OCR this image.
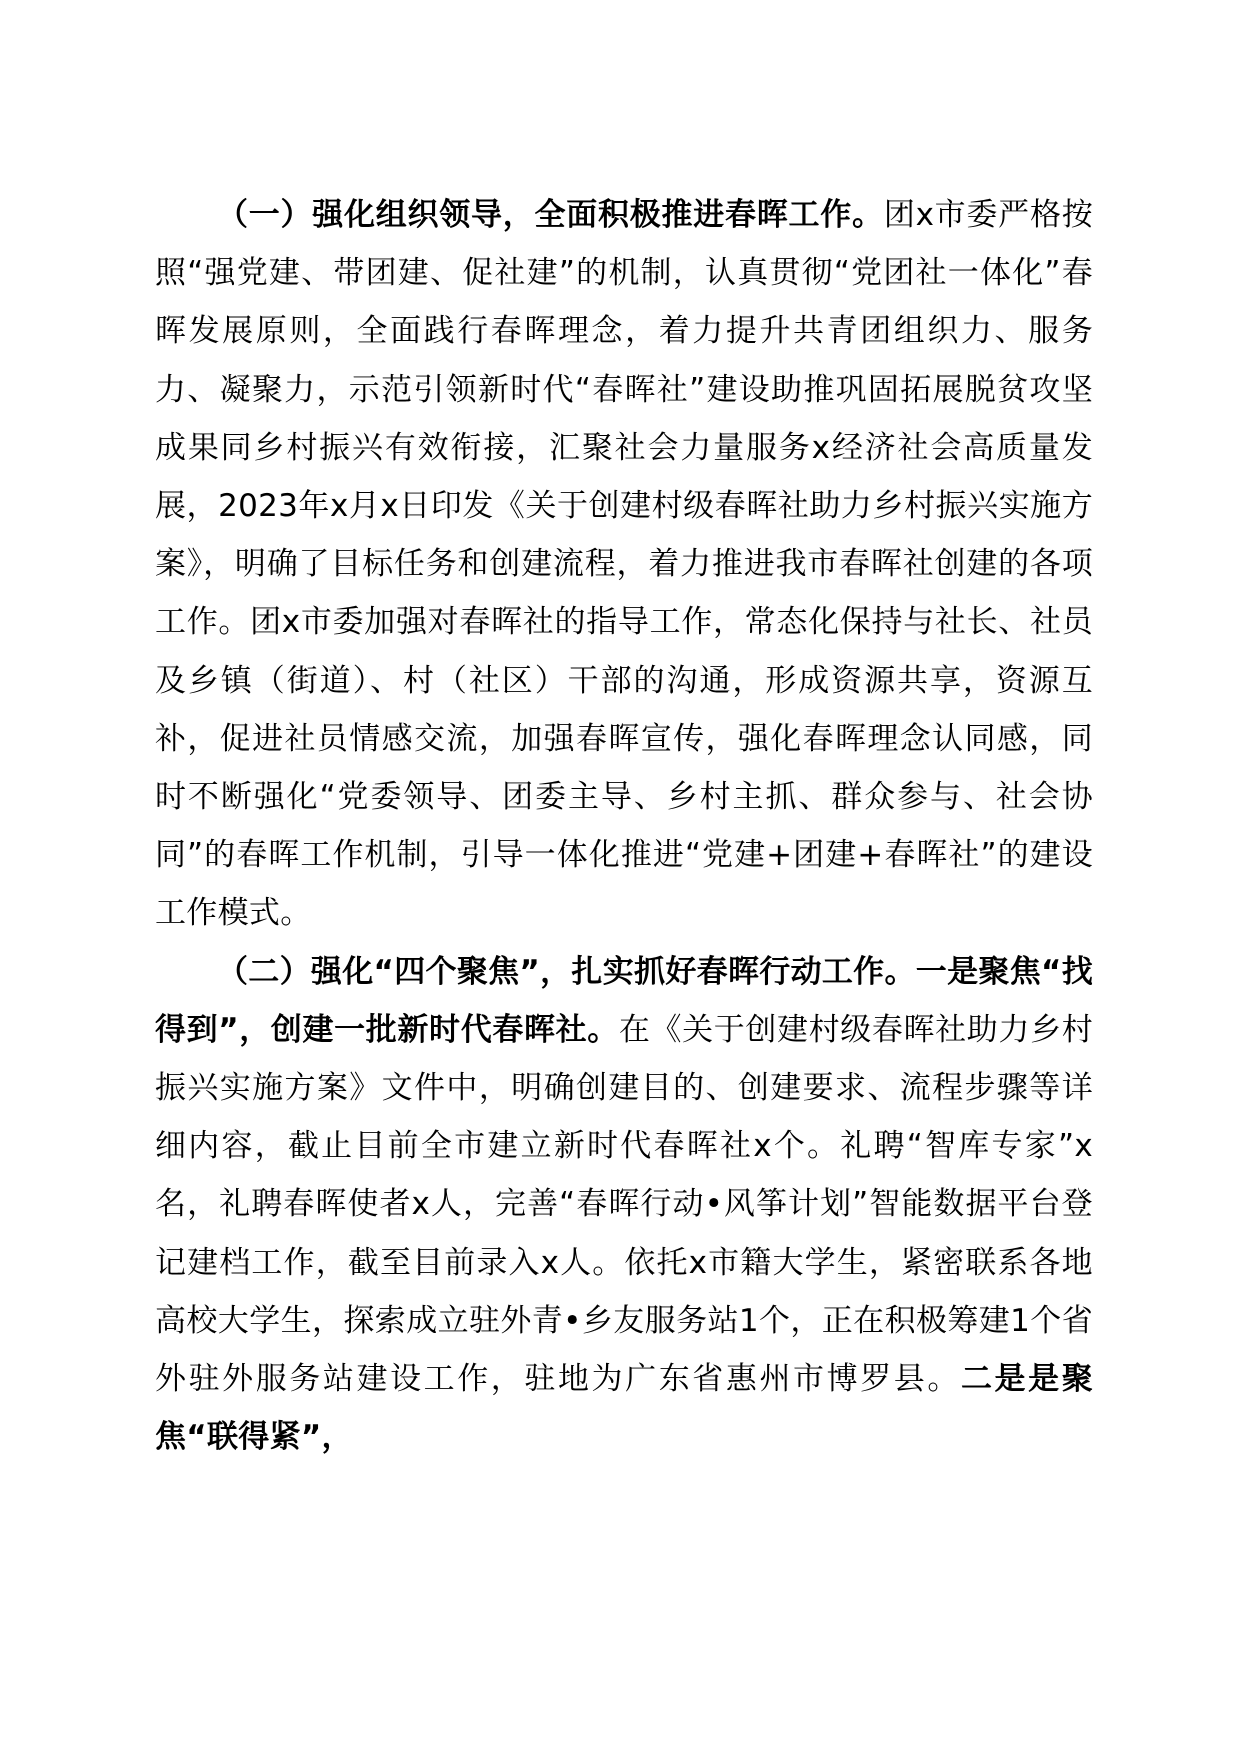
（一）强化组织领导，全面积极推进春晖工作。团x市委严格按照“强党建、带团建、促社建”的机制，认真贯彻“党团社一体化”春晖发展原则，全面践行春晖理念，着力提升共青团组织力、服务力、凝聚力，示范引领新时代“春晖社”建设助推巩固拓展脱贫攻坚成果同乡村振兴有效衔接，汇聚社会力量服务x经济社会高质量发展，2023年x月x日印发《关于创建村级春晖社助力乡村振兴实施方案》，明确了目标任务和创建流程，着力推进我市春晖社创建的各项工作。团x市委加强对春晖社的指导工作，常态化保持与社长、社员及乡镇（街道）、村（社区）干部的沟通，形成资源共享，资源互补，促进社员情感交流，加强春晖宣传，强化春晖理念认同感，同时不断强化“党委领导、团委主导、乡村主抓、群众参与、社会协同”的春晖工作机制，引导一体化推进“党建+团建+春晖社”的建设工作模式。

（二）强化“四个聚焦”，扎实抓好春晖行动工作。一是聚焦“找得到”，创建一批新时代春晖社。在《关于创建村级春晖社助力乡村振兴实施方案》文件中，明确创建目的、创建要求、流程步骤等详细内容，截止目前全市建立新时代春晖社x个。礼聘“智库专家”x名，礼聘春晖使者x人，完善“春晖行动•风筝计划”智能数据平台登记建档工作，截至目前录入x人。依托x市籍大学生，紧密联系各地高校大学生，探索成立驻外青•乡友服务站1个，正在积极筹建1个省外驻外服务站建设工作，驻地为广东省惠州市博罗县。二是是聚焦“联得紧”，
